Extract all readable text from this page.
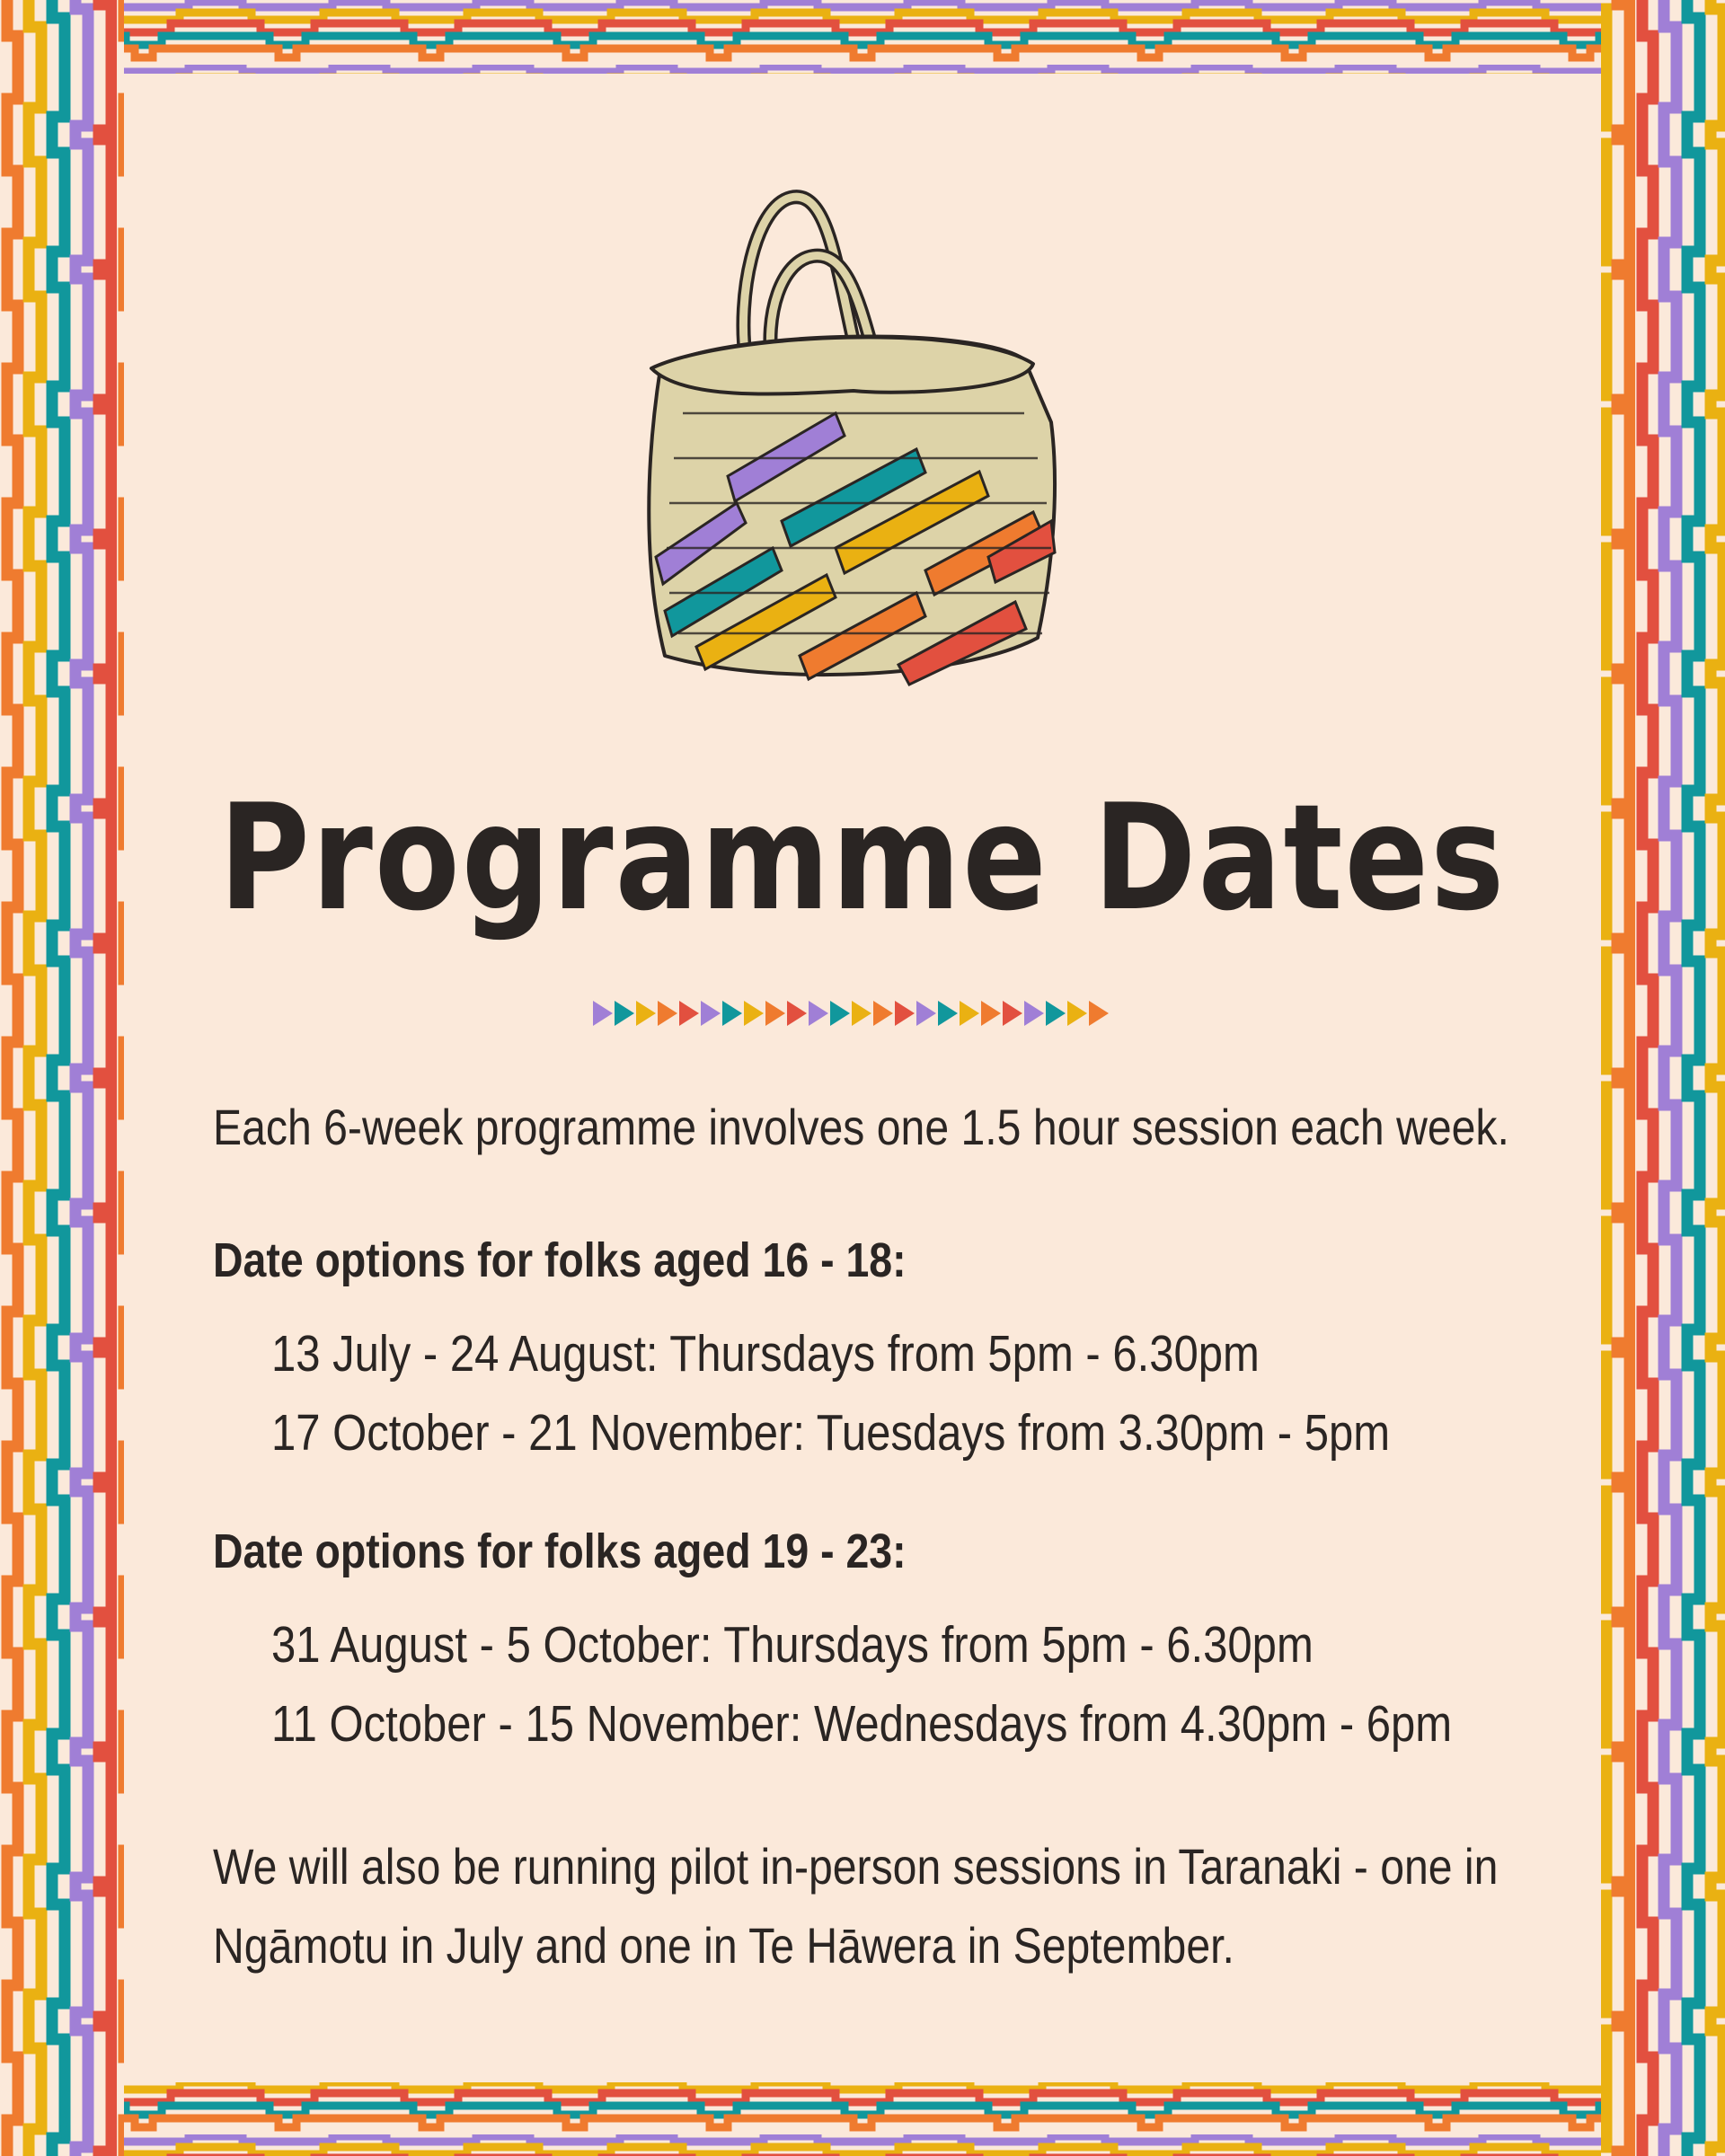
Programme Dates
Each 6-week programme involves one 1.5 hour session each week.
Date options for folks aged 16 - 18:
13 July - 24 August: Thursdays from 5pm - 6.30pm
17 October - 21 November: Tuesdays from 3.30pm - 5pm
Date options for folks aged 19 - 23:
31 August - 5 October: Thursdays from 5pm - 6.30pm
11 October - 15 November: Wednesdays from 4.30pm - 6pm
We will also be running pilot in-person sessions in Taranaki - one in
Ngāmotu in July and one in Te Hāwera in September.
